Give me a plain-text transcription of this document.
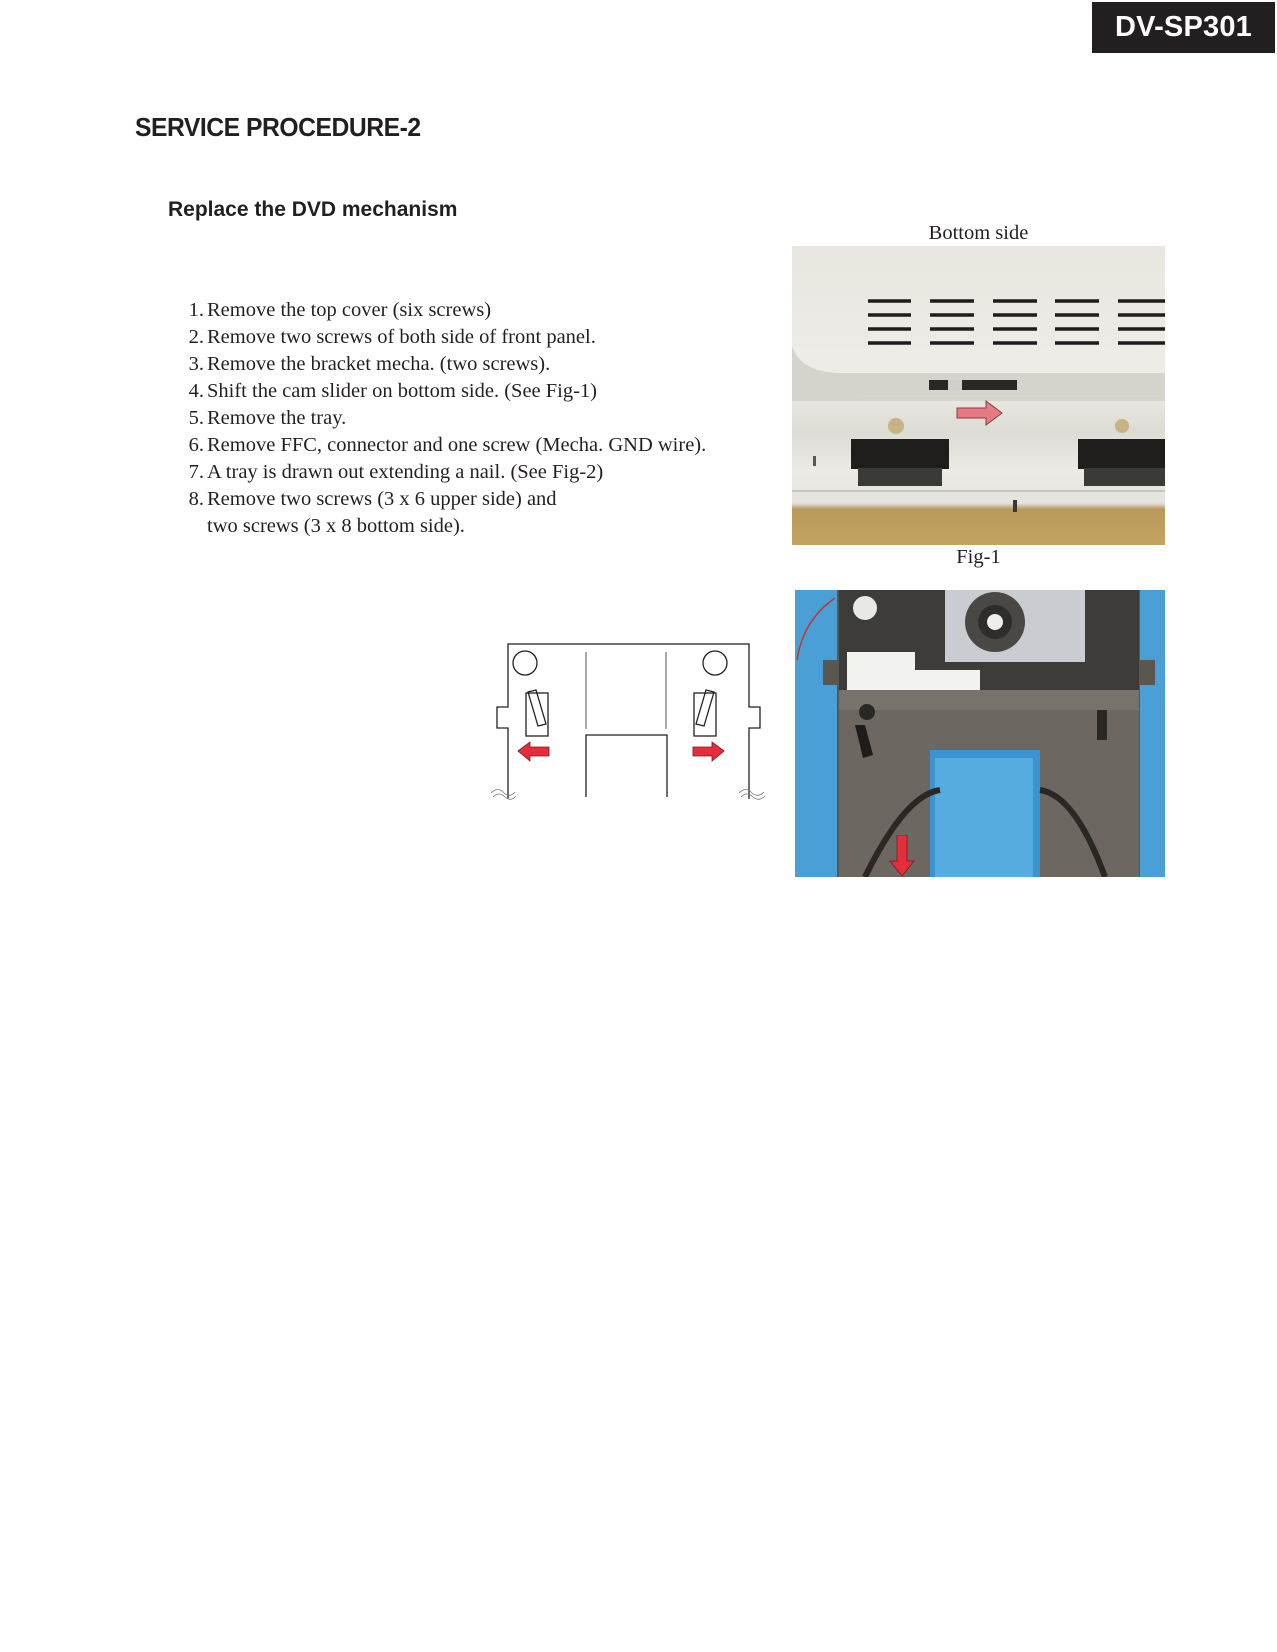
DV-SP301
SERVICE PROCEDURE-2
Replace the DVD mechanism
1. Remove the top cover (six screws)
2. Remove two screws of both side of front panel.
3. Remove the bracket mecha. (two screws).
4. Shift the cam slider on bottom side. (See Fig-1)
5. Remove the tray.
6. Remove FFC, connector and one screw (Mecha. GND wire).
7. A tray is drawn out extending a nail. (See Fig-2)
8. Remove two screws (3 x 6 upper side) and
two screws (3 x 8 bottom side).
Bottom side
Fig-1
